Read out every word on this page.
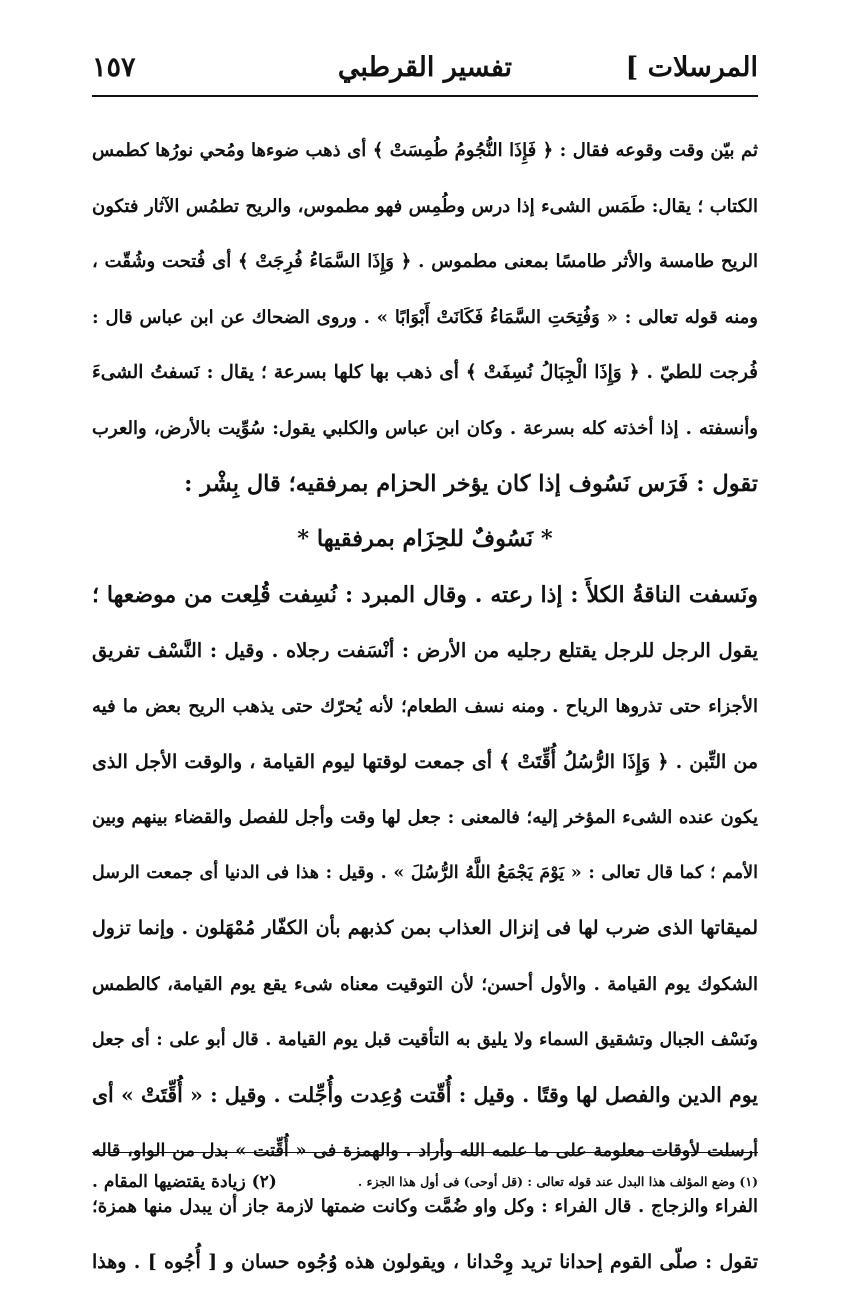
المرسلات ]
تفسير القرطبي
١٥٧
ثم بيّن وقت وقوعه فقال : ﴿ فَإِذَا النُّجُومُ طُمِسَتْ ﴾ أى ذهب ضوءها ومُحي نورُها كطمس
الكتاب ؛ يقال: طَمَس الشىء إذا درس وطُمِس فهو مطموس، والريح تطمُس الآثار فتكون
الريح طامسة والأثر طامسًا بمعنى مطموس . ﴿ وَإِذَا السَّمَاءُ فُرِجَتْ ﴾ أى فُتحت وشُقّت ،
ومنه قوله تعالى : « وَفُتِحَتِ السَّمَاءُ فَكَانَتْ أَبْوَابًا » . وروى الضحاك عن ابن عباس قال :
فُرجت للطيّ . ﴿ وَإِذَا الْجِبَالُ نُسِفَتْ ﴾ أى ذهب بها كلها بسرعة ؛ يقال : نَسفتُ الشىءَ
وأنسفته . إذا أخذته كله بسرعة . وكان ابن عباس والكلبي يقول: سُوِّيت بالأرض، والعرب
تقول : فَرَس نَسُوف إذا كان يؤخر الحزام بمرفقيه؛ قال بِشْر :
* نَسُوفٌ للحِزَام بمرفقيها *
ونَسفت الناقةُ الكلأَ : إذا رعته . وقال المبرد : نُسِفت قُلِعت من موضعها ؛
يقول الرجل للرجل يقتلع رجليه من الأرض : أنْسَفت رجلاه . وقيل : النَّسْف تفريق
الأجزاء حتى تذروها الرياح . ومنه نسف الطعام؛ لأنه يُحرّك حتى يذهب الريح بعض ما فيه
من التِّبن . ﴿ وَإِذَا الرُّسُلُ أُقِّتَتْ ﴾ أى جمعت لوقتها ليوم القيامة ، والوقت الأجل الذى
يكون عنده الشىء المؤخر إليه؛ فالمعنى : جعل لها وقت وأجل للفصل والقضاء بينهم وبين
الأمم ؛ كما قال تعالى : « يَوْمَ يَجْمَعُ اللَّهُ الرُّسُلَ » . وقيل : هذا فى الدنيا أى جمعت الرسل
لميقاتها الذى ضرب لها فى إنزال العذاب بمن كذبهم بأن الكفّار مُمْهَلون . وإنما تزول
الشكوك يوم القيامة . والأول أحسن؛ لأن التوقيت معناه شىء يقع يوم القيامة، كالطمس
ونَسْف الجبال وتشقيق السماء ولا يليق به التأقيت قبل يوم القيامة . قال أبو على : أى جعل
يوم الدين والفصل لها وقتًا . وقيل : أُقّتت وُعِدت وأُجِّلت . وقيل : « أُقِّتَتْ » أى
أرسلت لأوقات معلومة على ما علمه الله وأراد . والهمزة فى « أُقِّتت » بدل من الواو، قاله
الفراء والزجاج . قال الفراء : وكل واو ضُمَّت وكانت ضمتها لازمة جاز أن يبدل منها همزة؛
تقول : صلّى القوم إحدانا تريد وِحْدانا ، ويقولون هذه وُجُوه حسان و [ أُجُوه ] . وهذا
(١) وضع المؤلف هذا البدل عند قوله تعالى : (قل أوحى) فى أول هذا الجزء .
(٢) زيادة يقتضيها المقام .
